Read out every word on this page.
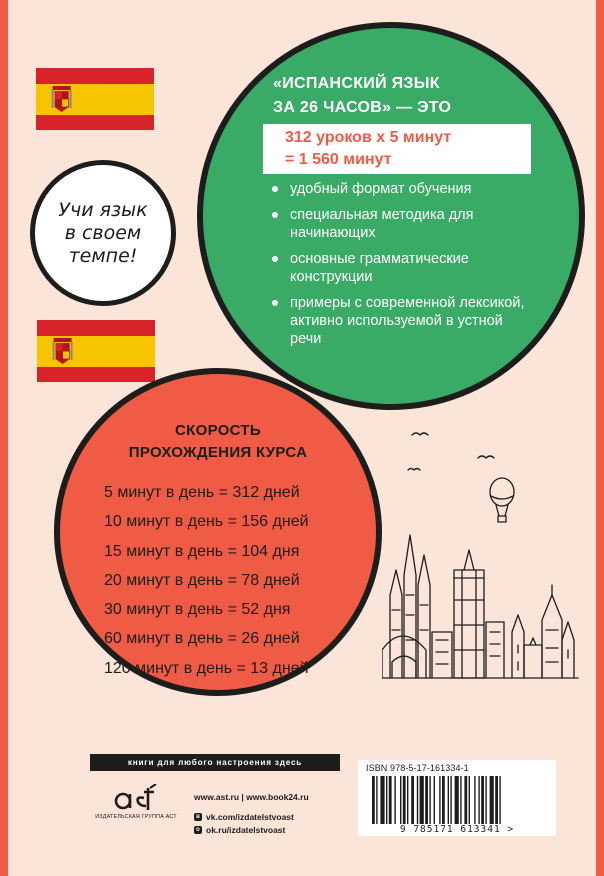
Учи язык
в своем
темпе!
«ИСПАНСКИЙ ЯЗЫК
ЗА 26 ЧАСОВ» — ЭТО
312 уроков х 5 минут
= 1 560 минут
удобный формат обучения
специальная методика для начинающих
основные грамматические конструкции
примеры с современной лексикой, активно используемой в устной речи
СКОРОСТЬ
ПРОХОЖДЕНИЯ КУРСА
5 минут в день = 312 дней
10 минут в день = 156 дней
15 минут в день = 104 дня
20 минут в день = 78 дней
30 минут в день = 52 дня
60 минут в день = 26 дней
120 минут в день = 13 дней
книги для любого настроения здесь
ИЗДАТЕЛЬСКАЯ ГРУППА АСТ
www.ast.ru | www.book24.ru
в vk.com/izdatelstvoast
о ok.ru/izdatelstvoast
ISBN 978-5-17-161334-1
9 785171 613341 >
